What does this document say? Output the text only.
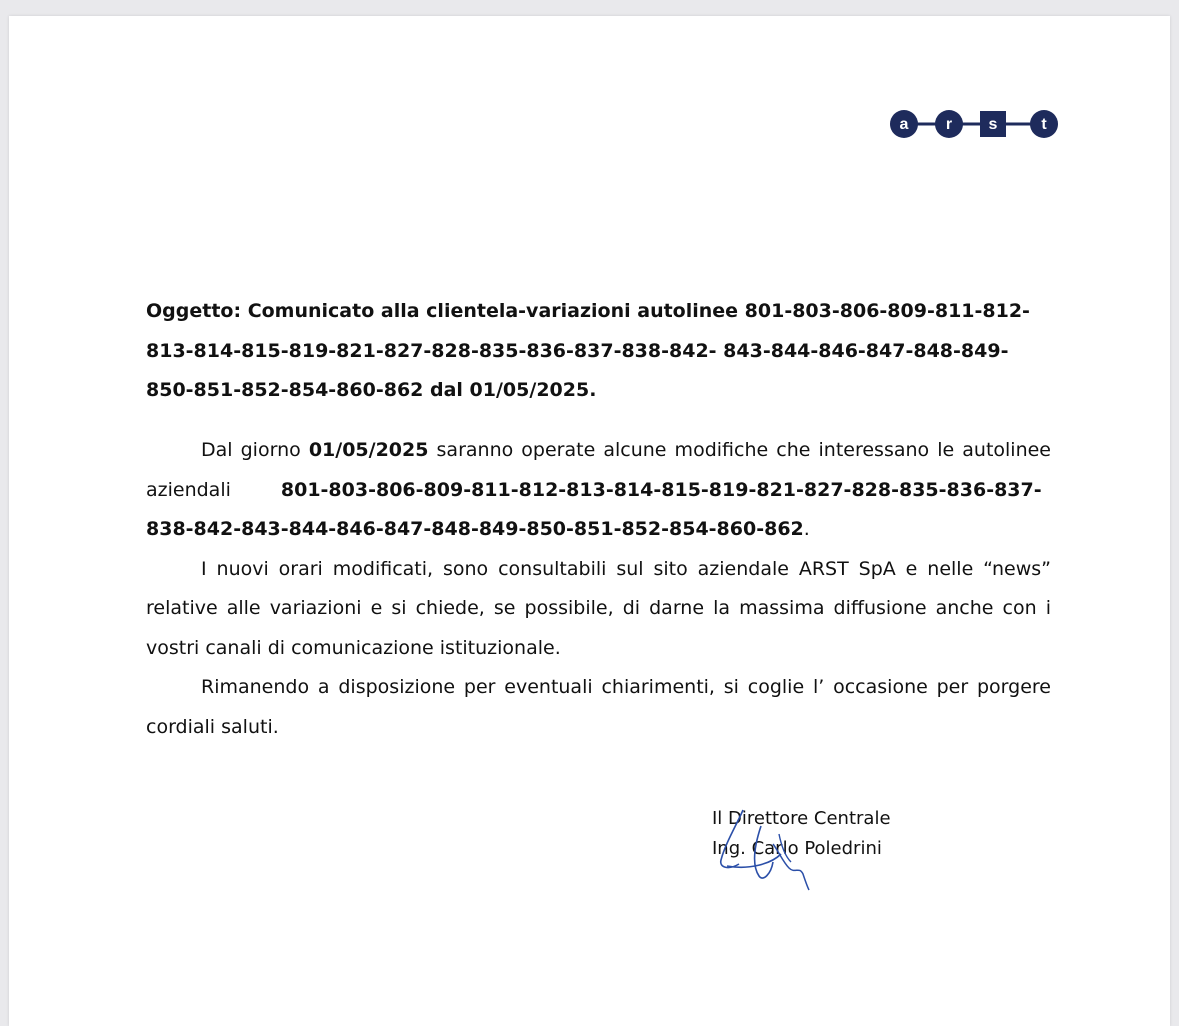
a r s	t
Oggetto: Comunicato alla clientela-variazioni autolinee 801-803-806-809-811-812-813-814-815-819-821-827-828-835-836-837-838-842- 843-844-846-847-848-849-850-851-852-854-860-862 dal 01/05/2025.

Dal giorno 01/05/2025 saranno operate alcune modifiche che interessano le autolinee aziendali	801-803-806-809-811-812-813-814-815-819-821-827-828-835-836-837-838-842-843-844-846-847-848-849-850-851-852-854-860-862.

I nuovi orari modificati, sono consultabili sul sito aziendale ARST SpA e nelle “news” relative alle variazioni e si chiede, se possibile, di darne la massima diffusione anche con i vostri canali di comunicazione istituzionale.

Rimanendo a disposizione per eventuali chiarimenti, si coglie l’ occasione per porgere cordiali saluti.

Il Direttore Centrale
Ing. Carlo Poledrini
